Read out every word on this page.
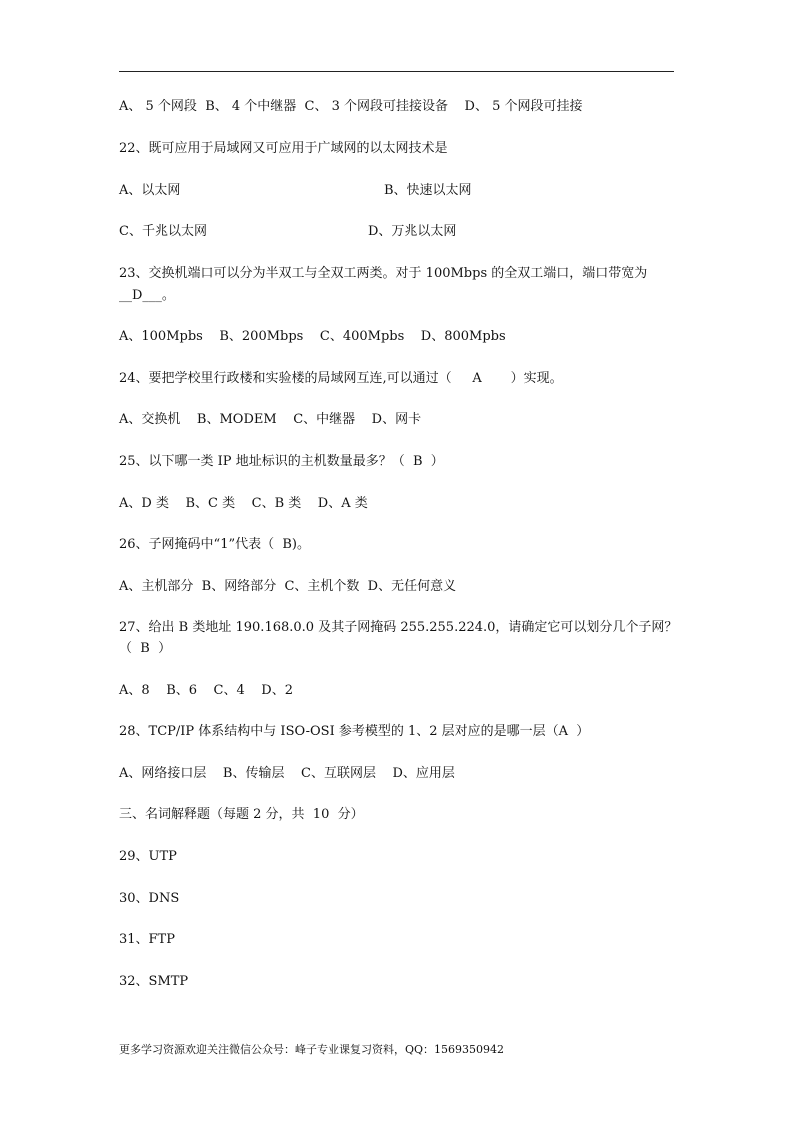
A、 5 个网段  B、 4 个中继器  C、 3 个网段可挂接设备    D、 5 个网段可挂接
22、既可应用于局域网又可应用于广域网的以太网技术是
A、以太网	B、快速以太网
C、千兆以太网	D、万兆以太网
23、交换机端口可以分为半双工与全双工两类。对于 100Mbps 的全双工端口，端口带宽为
__D___。
A、100Mpbs    B、200Mbps    C、400Mpbs    D、800Mpbs
24、要把学校里行政楼和实验楼的局域网互连,可以通过（     A       ）实现。
A、交换机    B、MODEM    C、中继器    D、网卡
25、以下哪一类 IP 地址标识的主机数量最多？（  B  ）
A、D 类    B、C 类    C、B 类    D、A 类
26、子网掩码中“1”代表（  B)。
A、主机部分  B、网络部分  C、主机个数  D、无任何意义
27、给出 B 类地址 190.168.0.0 及其子网掩码 255.255.224.0，请确定它可以划分几个子网？
（  B  ）
A、8    B、6    C、4    D、2
28、TCP/IP 体系结构中与 ISO-OSI 参考模型的 1、2 层对应的是哪一层（A  ）
A、网络接口层    B、传输层    C、互联网层    D、应用层
三、名词解释题（每题 2 分，共  10  分）
29、UTP
30、DNS
31、FTP
32、SMTP
更多学习资源欢迎关注微信公众号：峰子专业课复习资料，QQ：1569350942
